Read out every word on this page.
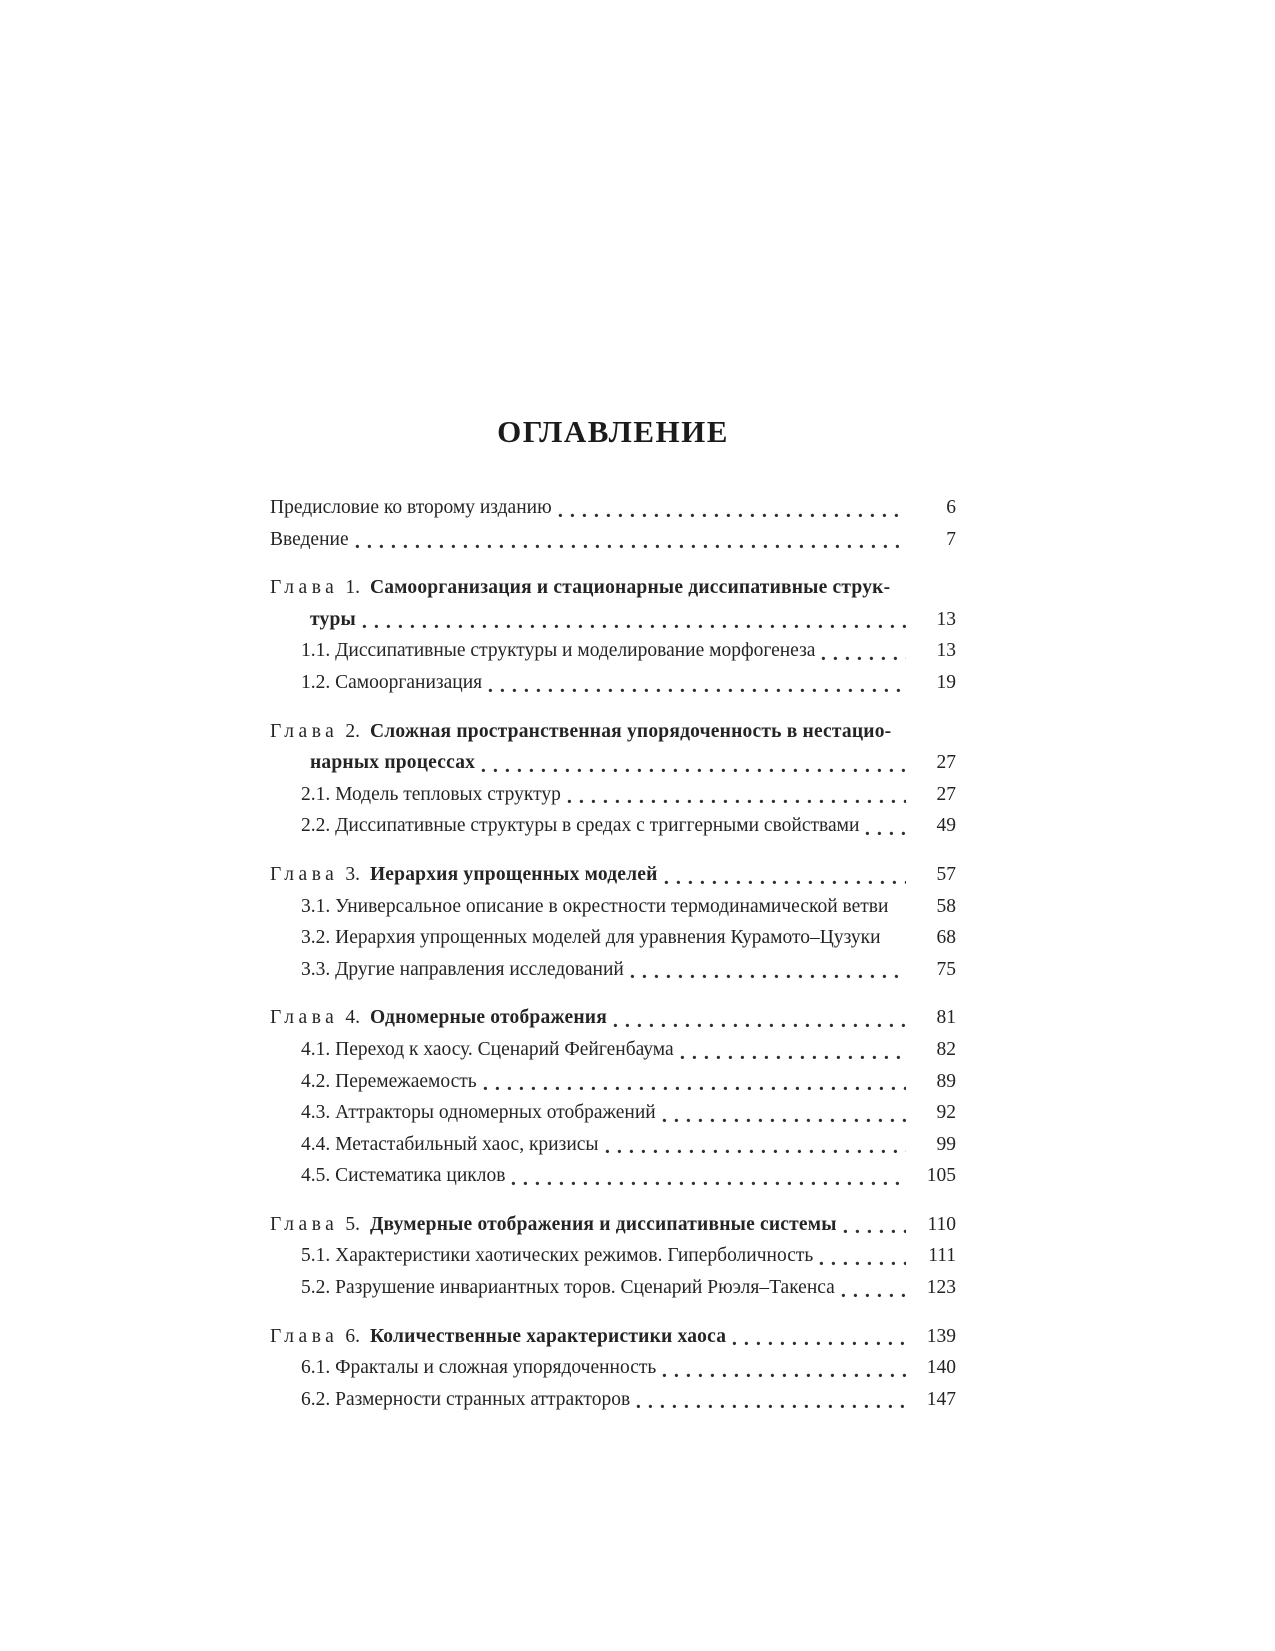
ОГЛАВЛЕНИЕ
Предисловие ко второму изданию	6
Введение	7
Глава 1. Самоорганизация и стационарные диссипативные струк-
туры	13
1.1. Диссипативные структуры и моделирование морфогенеза	13
1.2. Самоорганизация	19
Глава 2. Сложная пространственная упорядоченность в нестацио-
нарных процессах	27
2.1. Модель тепловых структур	27
2.2. Диссипативные структуры в средах с триггерными свойствами	49
Глава 3. Иерархия упрощенных моделей	57
3.1. Универсальное описание в окрестности термодинамической ветви	58
3.2. Иерархия упрощенных моделей для уравнения Курамото–Цузуки	68
3.3. Другие направления исследований	75
Глава 4. Одномерные отображения	81
4.1. Переход к хаосу. Сценарий Фейгенбаума	82
4.2. Перемежаемость	89
4.3. Аттракторы одномерных отображений	92
4.4. Метастабильный хаос, кризисы	99
4.5. Систематика циклов	105
Глава 5. Двумерные отображения и диссипативные системы	110
5.1. Характеристики хаотических режимов. Гиперболичность	111
5.2. Разрушение инвариантных торов. Сценарий Рюэля–Такенса	123
Глава 6. Количественные характеристики хаоса	139
6.1. Фракталы и сложная упорядоченность	140
6.2. Размерности странных аттракторов	147
